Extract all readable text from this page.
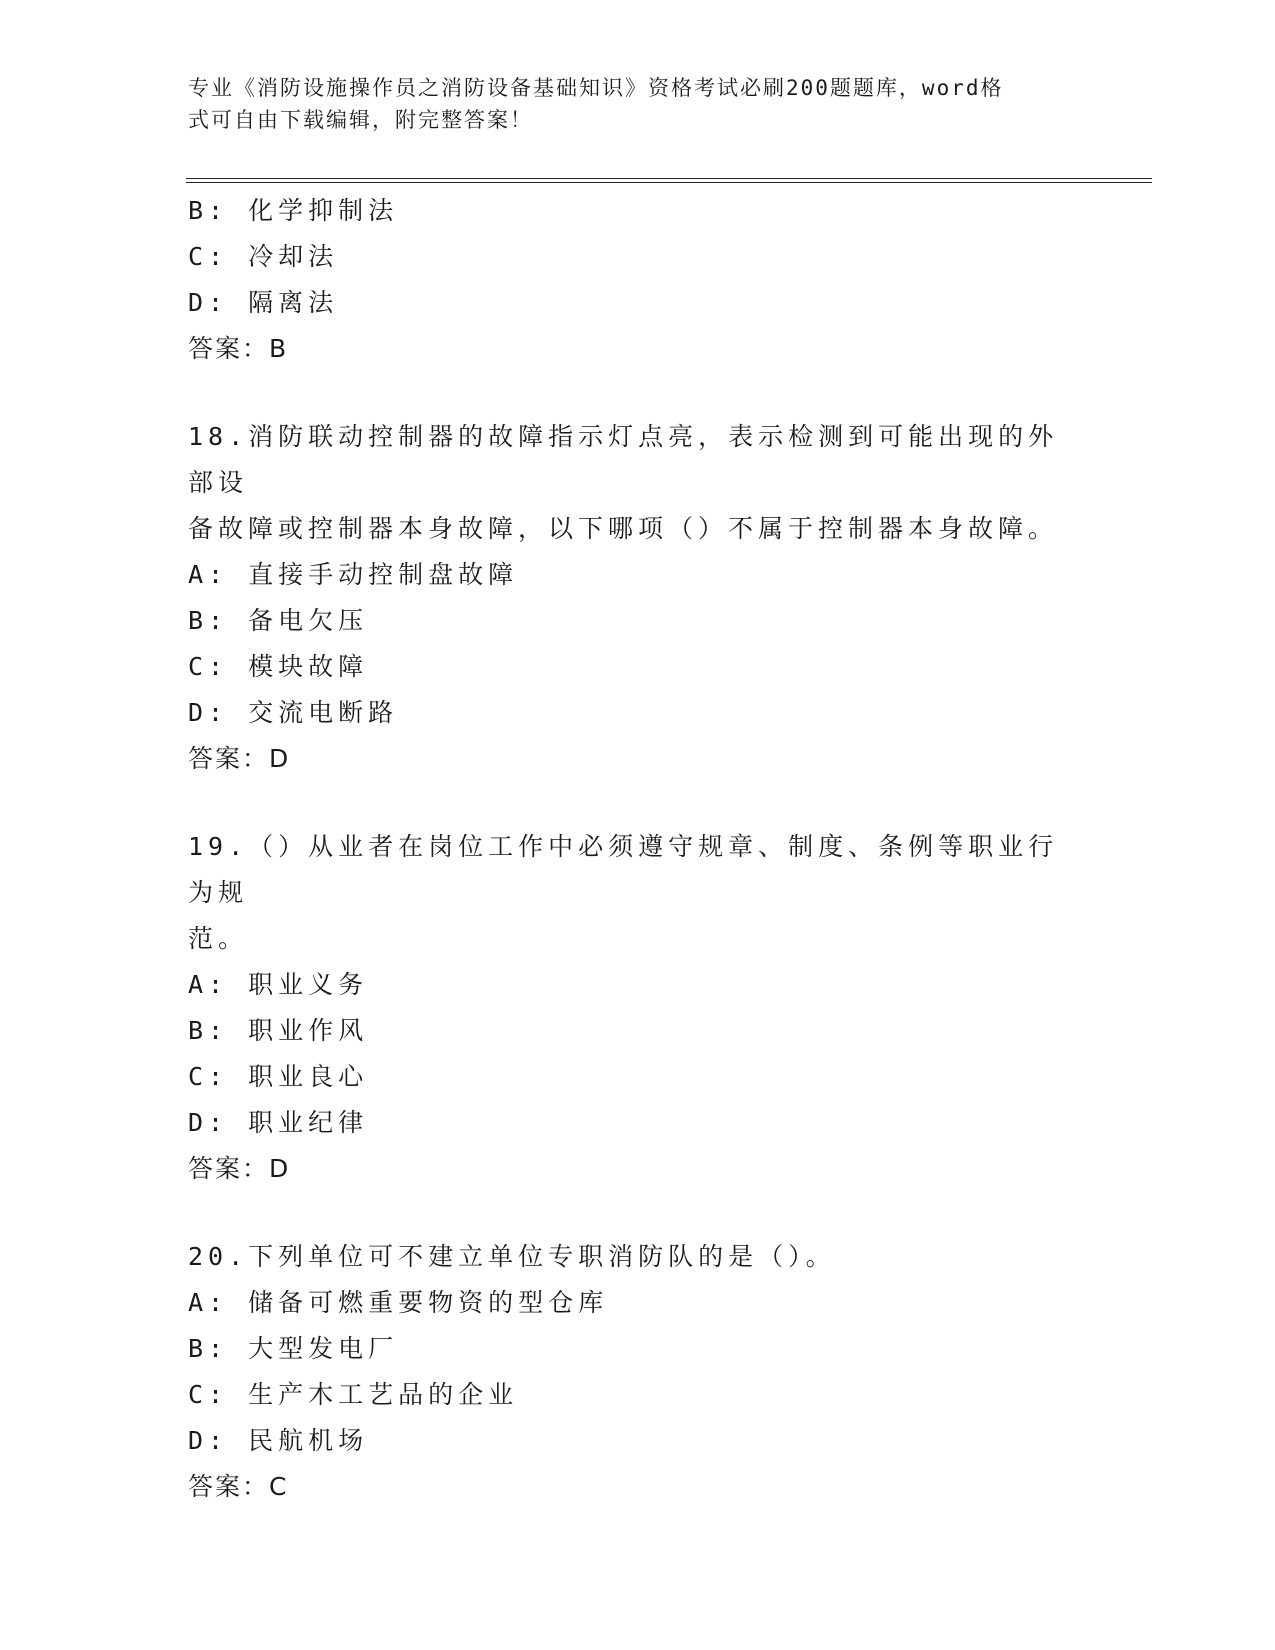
专业《消防设施操作员之消防设备基础知识》资格考试必刷200题题库，word格
式可自由下载编辑，附完整答案！
B: 化学抑制法
C: 冷却法
D: 隔离法
答案：B
18.消防联动控制器的故障指示灯点亮，表示检测到可能出现的外部设
备故障或控制器本身故障，以下哪项（）不属于控制器本身故障。
A: 直接手动控制盘故障
B: 备电欠压
C: 模块故障
D: 交流电断路
答案：D
19.（）从业者在岗位工作中必须遵守规章、制度、条例等职业行为规
范。
A: 职业义务
B: 职业作风
C: 职业良心
D: 职业纪律
答案：D
20.下列单位可不建立单位专职消防队的是（）。
A: 储备可燃重要物资的型仓库
B: 大型发电厂
C: 生产木工艺品的企业
D: 民航机场
答案：C
